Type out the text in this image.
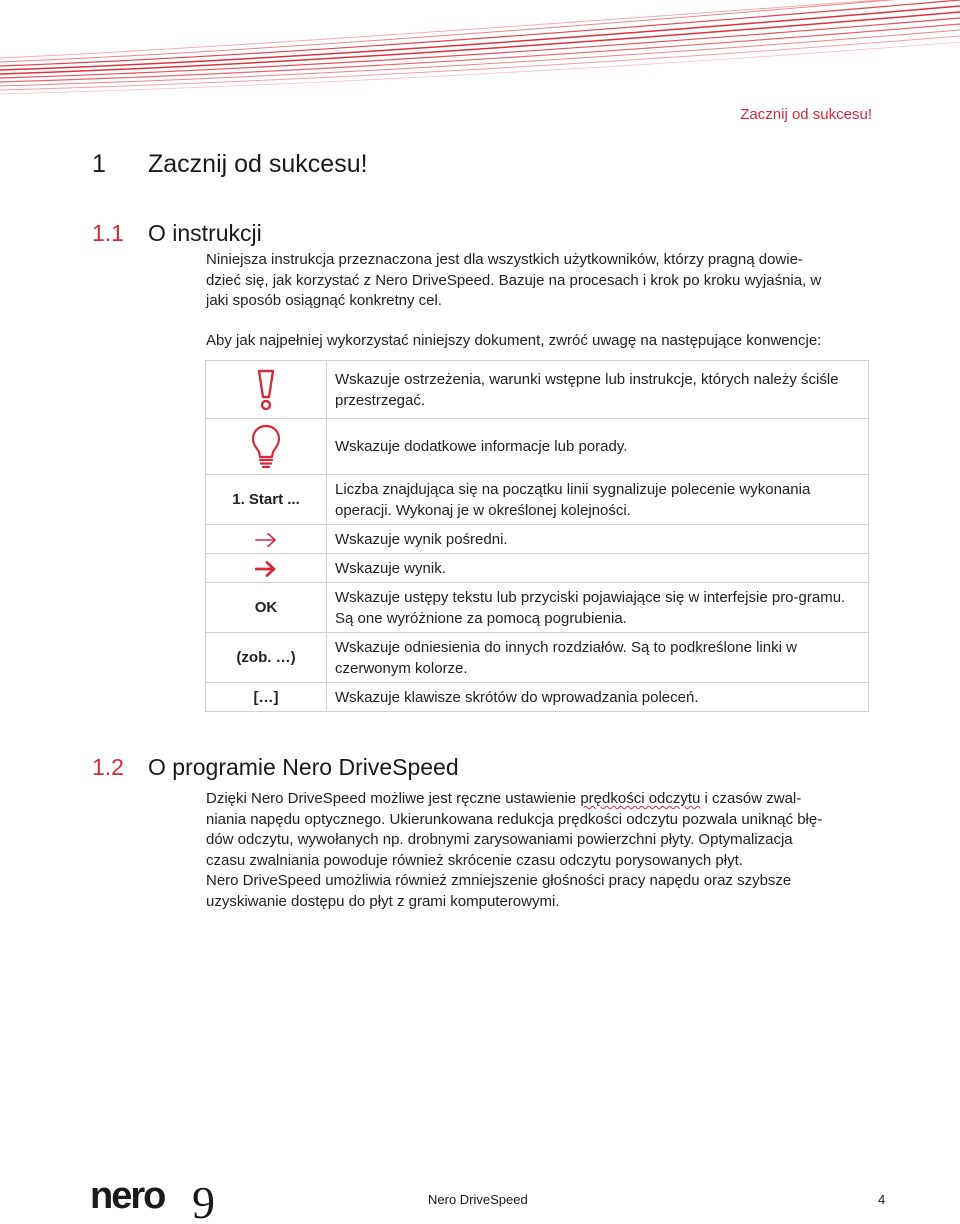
Zacznij od sukcesu!
1 Zacznij od sukcesu!
1.1 O instrukcji

Niniejsza instrukcja przeznaczona jest dla wszystkich użytkowników, którzy pragną dowie-
dzieć się, jak korzystać z Nero DriveSpeed. Bazuje na procesach i krok po kroku wyjaśnia, w
jaki sposób osiągnąć konkretny cel.

Aby jak najpełniej wykorzystać niniejszy dokument, zwróć uwagę na następujące konwencje:

	Wskazuje ostrzeżenia, warunki wstępne lub instrukcje, których należy ściśle przestrzegać.
	Wskazuje dodatkowe informacje lub porady.
1. Start ...	Liczba znajdująca się na początku linii sygnalizuje polecenie wykonania operacji. Wykonaj je w określonej kolejności.
	Wskazuje wynik pośredni.
	Wskazuje wynik.
OK	Wskazuje ustępy tekstu lub przyciski pojawiające się w interfejsie pro-gramu. Są one wyróżnione za pomocą pogrubienia.
(zob. …)	Wskazuje odniesienia do innych rozdziałów. Są to podkreślone linki w czerwonym kolorze.
[…]	Wskazuje klawisze skrótów do wprowadzania poleceń.
1.2 O programie Nero DriveSpeed

Dzięki Nero DriveSpeed możliwe jest ręczne ustawienie prędkości odczytu i czasów zwal-
niania napędu optycznego. Ukierunkowana redukcja prędkości odczytu pozwala uniknąć błę-
dów odczytu, wywołanych np. drobnymi zarysowaniami powierzchni płyty. Optymalizacja
czasu zwalniania powoduje również skrócenie czasu odczytu porysowanych płyt.
Nero DriveSpeed umożliwia również zmniejszenie głośności pracy napędu oraz szybsze
uzyskiwanie dostępu do płyt z grami komputerowymi.

nero 9	Nero DriveSpeed	4
